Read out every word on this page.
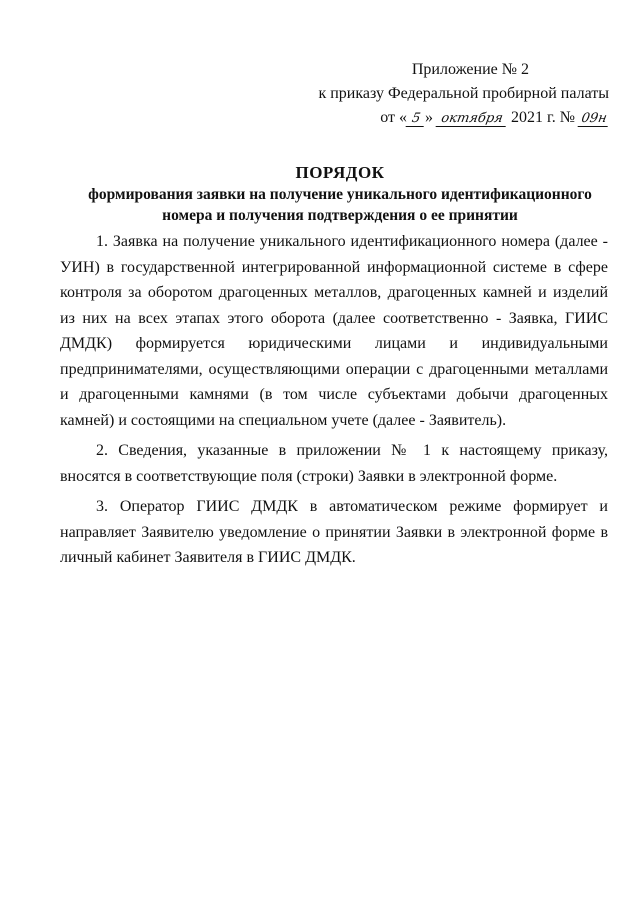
Приложение № 2
к приказу Федеральной пробирной палаты
от « 5 » октября 2021 г. № 09н
ПОРЯДОК
формирования заявки на получение уникального идентификационного
номера и получения подтверждения о ее принятии

1. Заявка на получение уникального идентификационного номера (далее - УИН) в государственной интегрированной информационной системе в сфере контроля за оборотом драгоценных металлов, драгоценных камней и изделий из них на всех этапах этого оборота (далее соответственно - Заявка, ГИИС ДМДК) формируется юридическими лицами и индивидуальными предпринимателями, осуществляющими операции с драгоценными металлами и драгоценными камнями (в том числе субъектами добычи драгоценных камней) и состоящими на специальном учете (далее - Заявитель).

2. Сведения, указанные в приложении № 1 к настоящему приказу, вносятся в соответствующие поля (строки) Заявки в электронной форме.

3. Оператор ГИИС ДМДК в автоматическом режиме формирует и направляет Заявителю уведомление о принятии Заявки в электронной форме в личный кабинет Заявителя в ГИИС ДМДК.
